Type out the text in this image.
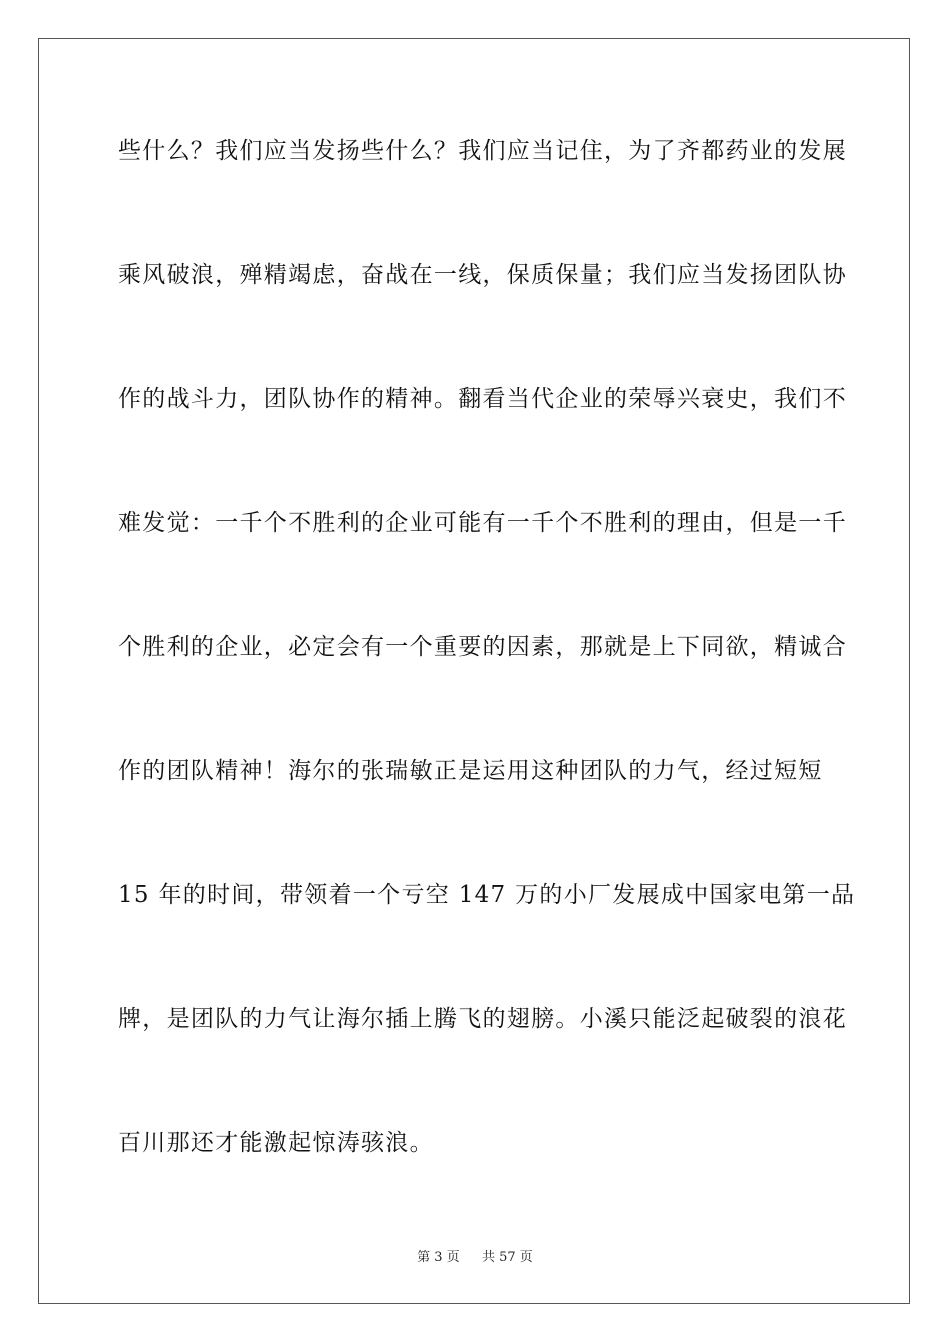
些什么？我们应当发扬些什么？我们应当记住，为了齐都药业的发展
乘风破浪，殚精竭虑，奋战在一线，保质保量；我们应当发扬团队协
作的战斗力，团队协作的精神。翻看当代企业的荣辱兴衰史，我们不
难发觉：一千个不胜利的企业可能有一千个不胜利的理由，但是一千
个胜利的企业，必定会有一个重要的因素，那就是上下同欲，精诚合
作的团队精神！海尔的张瑞敏正是运用这种团队的力气，经过短短
15 年的时间，带领着一个亏空 147 万的小厂发展成中国家电第一品
牌，是团队的力气让海尔插上腾飞的翅膀。小溪只能泛起破裂的浪花
百川那还才能激起惊涛骇浪。
第 3 页 共 57 页
